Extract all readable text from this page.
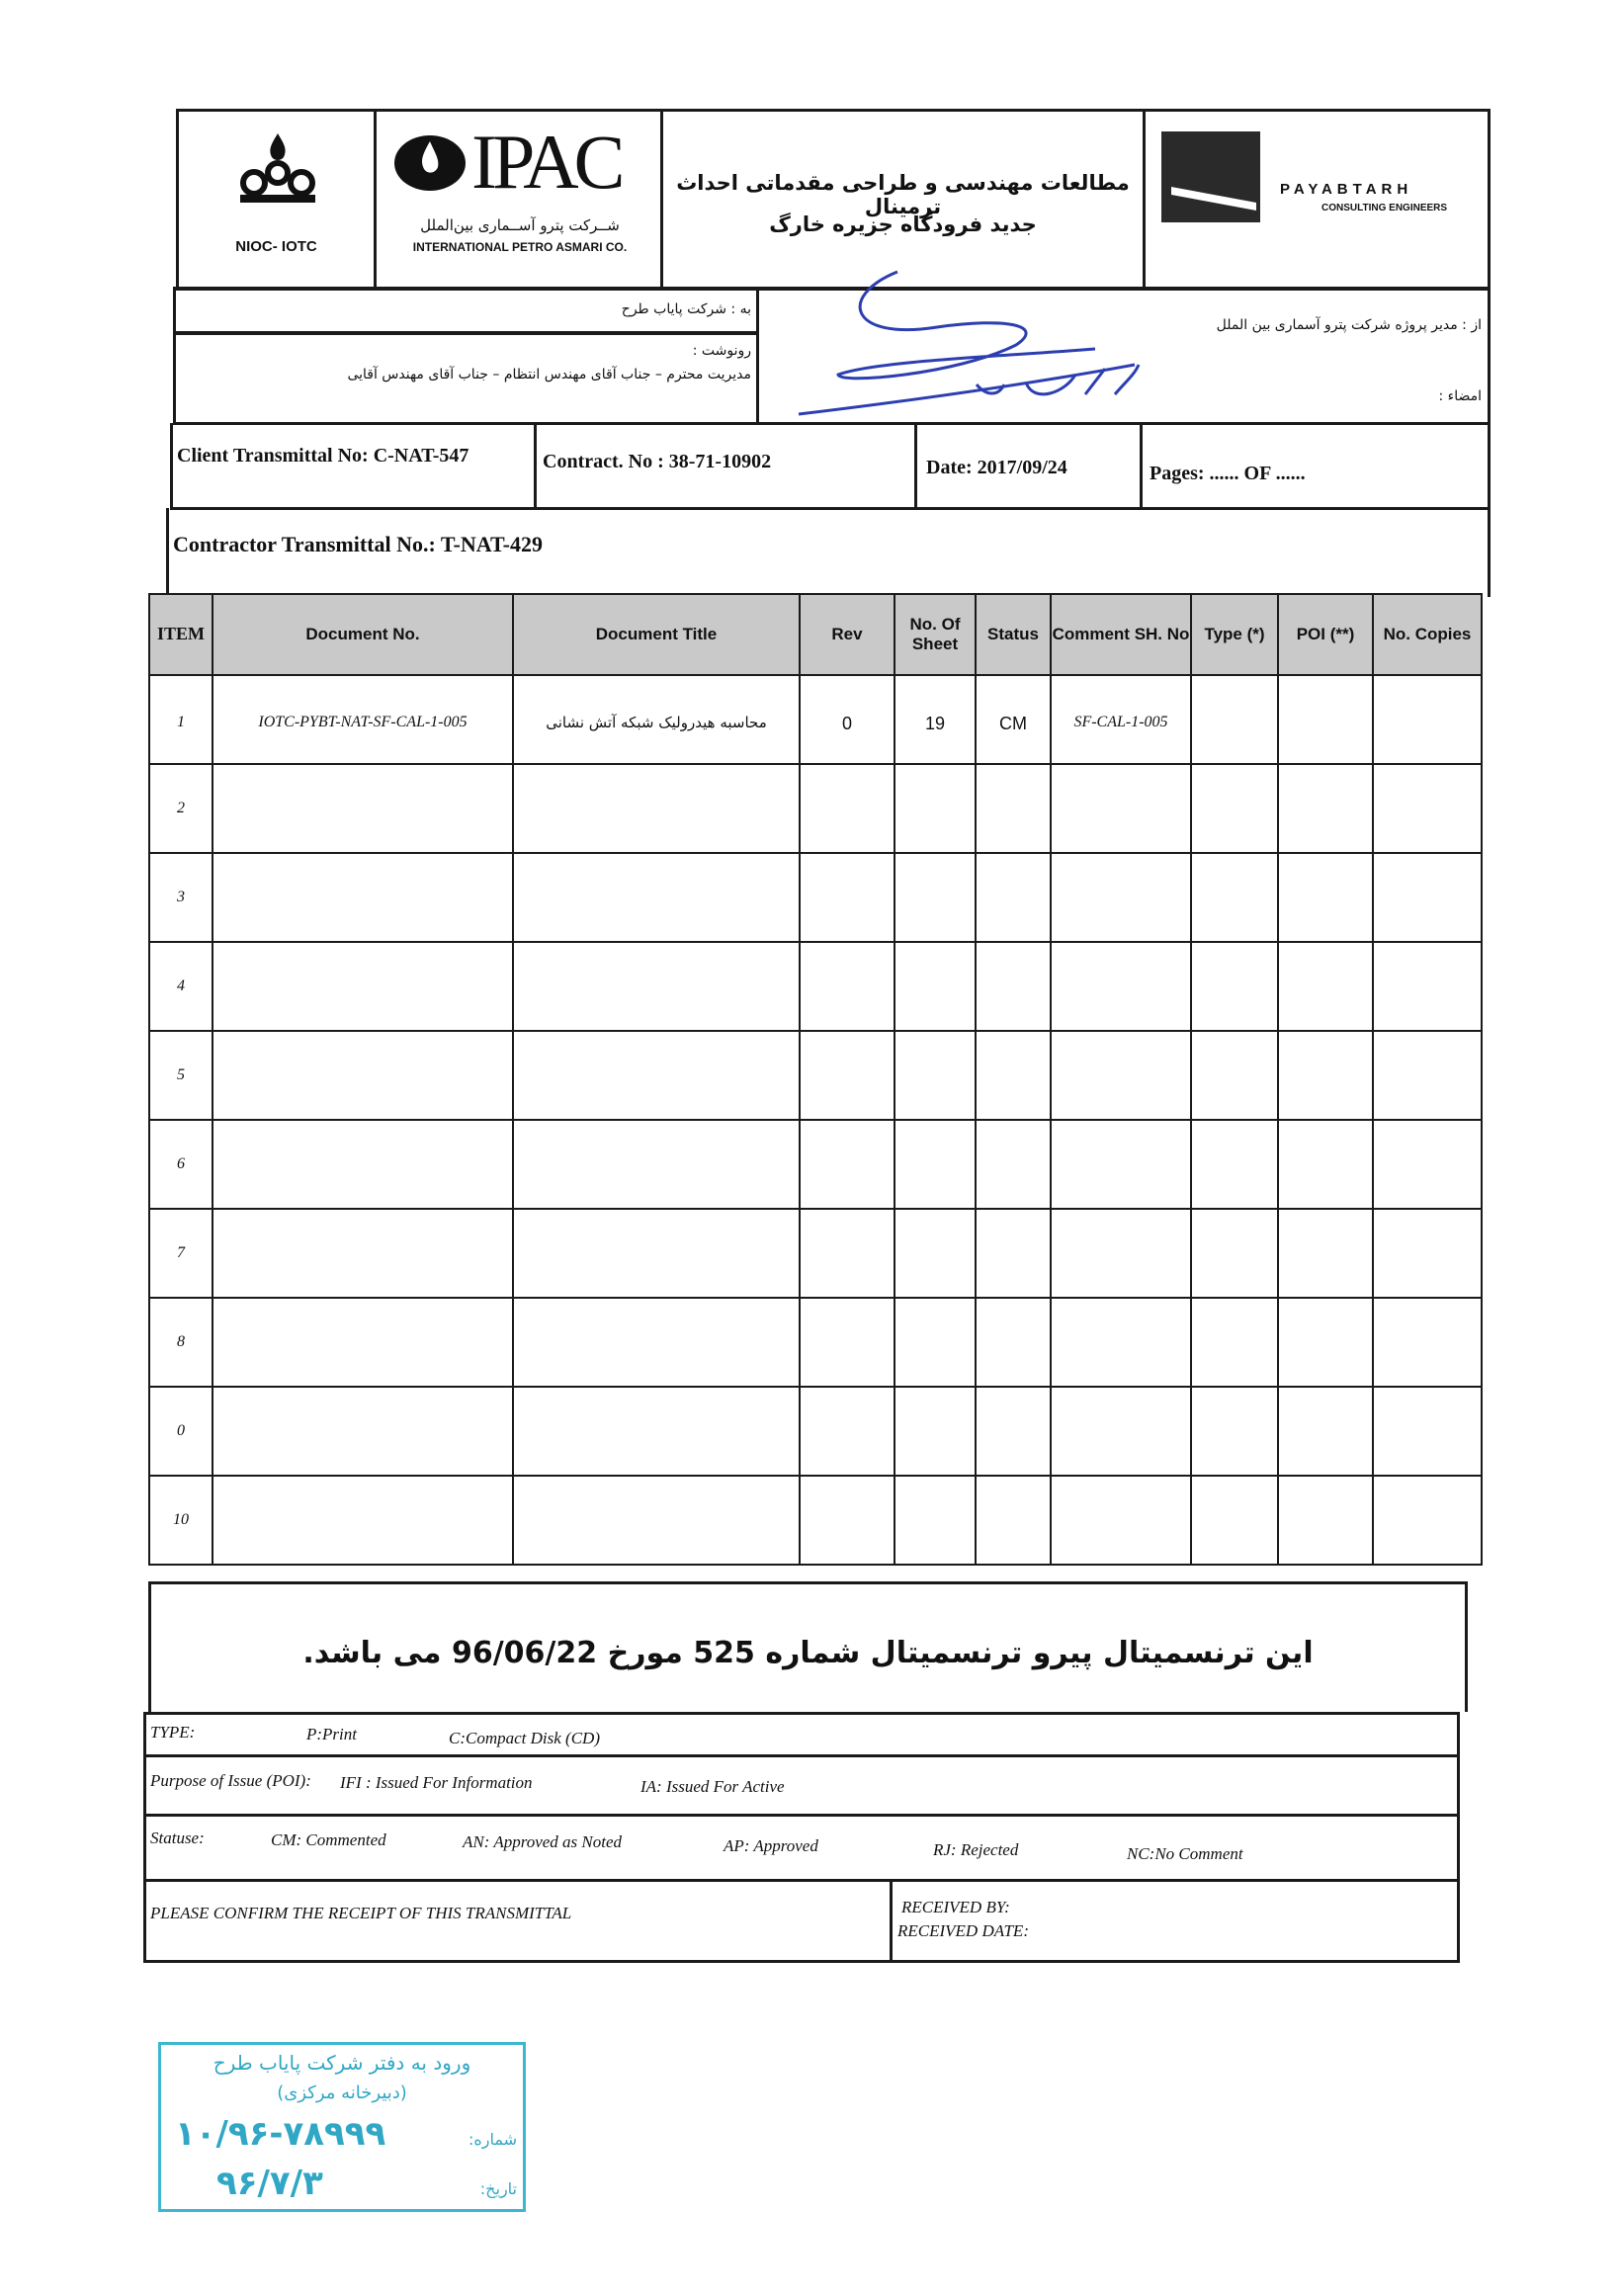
NIOC- IOTC
IPAC
شــرکت پترو آســماری بین‌الملل
INTERNATIONAL PETRO ASMARI CO.
مطالعات مهندسی و طراحی مقدماتی احداث ترمینال
جدید فرودگاه جزیره خارگ
PAYABTARH
CONSULTING ENGINEERS
به : شرکت پاياب طرح
از : مدیر پروژه شرکت پترو آسماری بین الملل
رونوشت :
مديريت محترم – جناب آقای مهندس انتظام – جناب آقای مهندس آقايی
امضاء :
Client Transmittal No: C-NAT-547	Contract. No : 38-71-10902	Date: 2017/09/24	Pages: ...... OF ......
Contractor Transmittal No.: T-NAT-429
ITEM	Document No.	Document Title	Rev	No. Of Sheet	Status	Comment SH. No	Type (*)	POI (**)	No. Copies
1	IOTC-PYBT-NAT-SF-CAL-1-005	محاسبه هيدروليک شبکه آتش نشانی	0	19	CM	SF-CAL-1-005			
2									
3									
4									
5									
6									
7									
8									
0									
10									
اين ترنسميتال پيرو ترنسميتال شماره 525 مورخ 96/06/22 می باشد.
TYPE:	P:Print	C:Compact Disk (CD)
Purpose of Issue (POI): IFI : Issued For Information	IA: Issued For Active
Statuse:	CM: Commented	AN: Approved as Noted	AP: Approved	RJ: Rejected	NC:No Comment
PLEASE CONFIRM THE RECEIPT OF THIS TRANSMITTAL	RECEIVED BY:
RECEIVED DATE:
ورود به دفتر شرکت پاياب طرح
(دبيرخانه مرکزی)
شماره:
۱۰/۹۶-۷۸۹۹۹
تاریخ:
۹۶/۷/۳
